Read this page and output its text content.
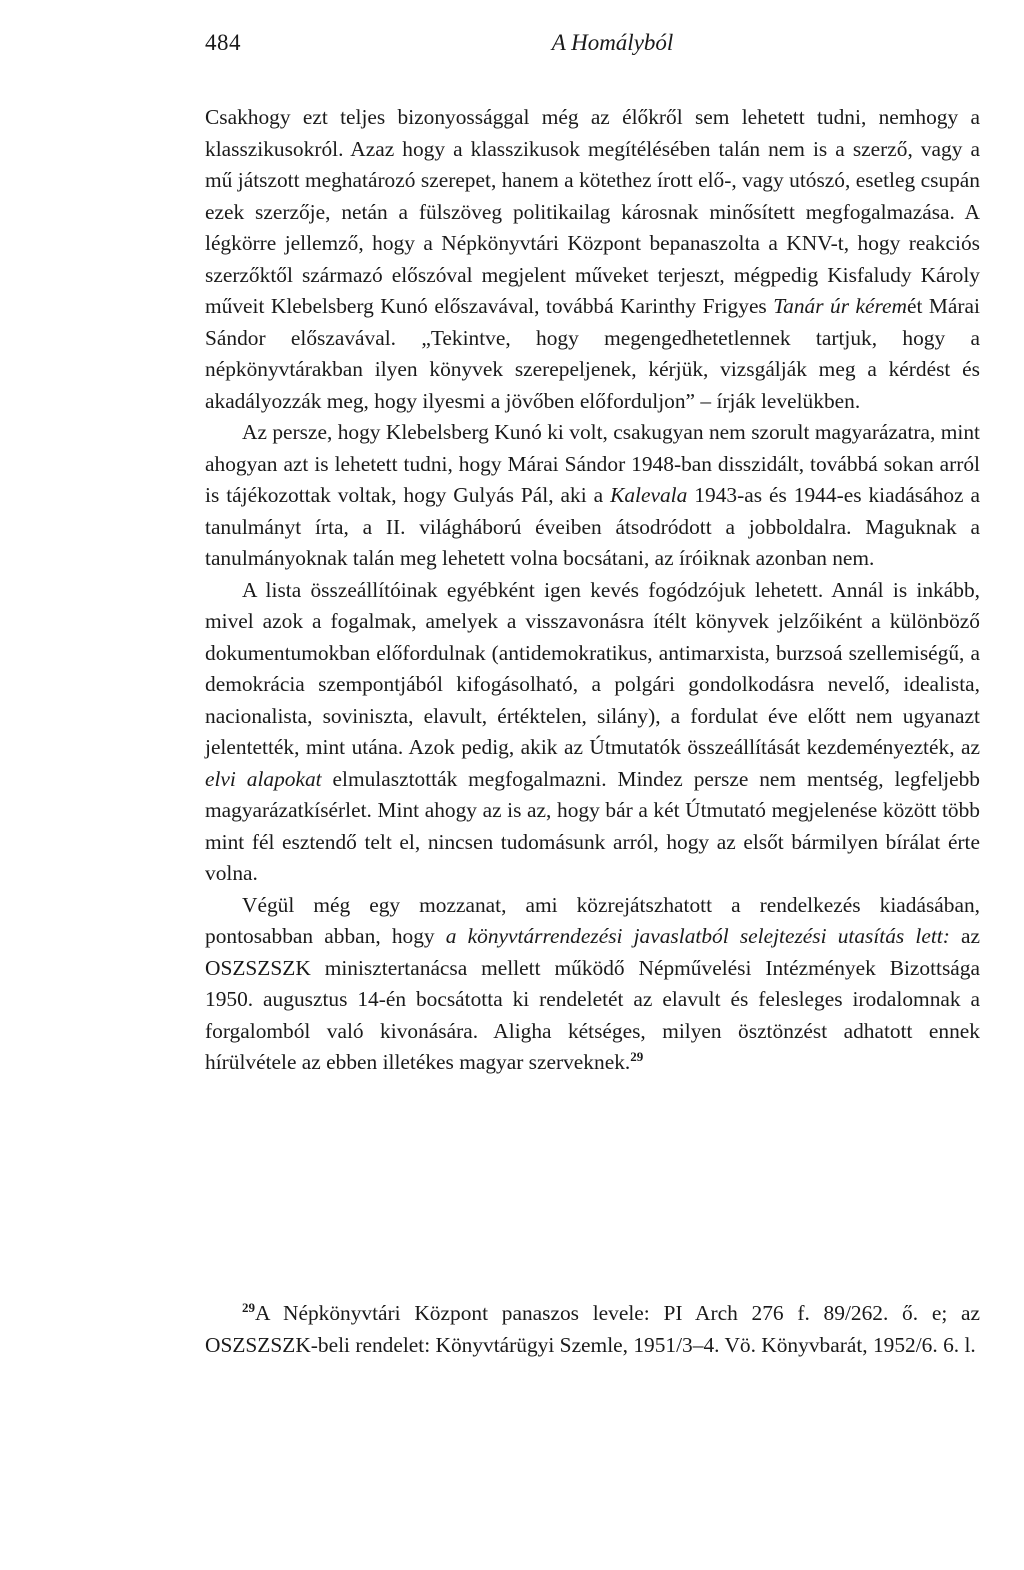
484	A Homályból

Csakhogy ezt teljes bizonyossággal még az élőkről sem lehetett tudni, nemhogy a klasszikusokról. Azaz hogy a klasszikusok megítélésében talán nem is a szerző, vagy a mű játszott meghatározó szerepet, hanem a kötethez írott elő-, vagy utószó, esetleg csupán ezek szerzője, netán a fülszöveg politikailag károsnak minősített megfogalmazása. A légkörre jellemző, hogy a Népkönyvtári Központ bepanaszolta a KNV-t, hogy reakciós szerzőktől származó előszóval megjelent műveket terjeszt, mégpedig Kisfaludy Károly műveit Klebelsberg Kunó előszavával, továbbá Karinthy Frigyes Tanár úr kéremét Márai Sándor előszavával. „Tekintve, hogy megengedhetetlennek tartjuk, hogy a népkönyvtárakban ilyen könyvek szerepeljenek, kérjük, vizsgálják meg a kérdést és akadályozzák meg, hogy ilyesmi a jövőben előforduljon” – írják levelükben.

Az persze, hogy Klebelsberg Kunó ki volt, csakugyan nem szorult magyarázatra, mint ahogyan azt is lehetett tudni, hogy Márai Sándor 1948-ban disszidált, továbbá sokan arról is tájékozottak voltak, hogy Gulyás Pál, aki a Kalevala 1943-as és 1944-es kiadásához a tanulmányt írta, a II. világháború éveiben átsodródott a jobboldalra. Maguknak a tanulmányoknak talán meg lehetett volna bocsátani, az íróiknak azonban nem.

A lista összeállítóinak egyébként igen kevés fogódzójuk lehetett. Annál is inkább, mivel azok a fogalmak, amelyek a visszavonásra ítélt könyvek jelzőiként a különböző dokumentumokban előfordulnak (antidemokratikus, antimarxista, burzsoá szellemiségű, a demokrácia szempontjából kifogásolható, a polgári gondolkodásra nevelő, idealista, nacionalista, soviniszta, elavult, értéktelen, silány), a fordulat éve előtt nem ugyanazt jelentették, mint utána. Azok pedig, akik az Útmutatók összeállítását kezdeményezték, az elvi alapokat elmulasztották megfogalmazni. Mindez persze nem mentség, legfeljebb magyarázatkísérlet. Mint ahogy az is az, hogy bár a két Útmutató megjelenése között több mint fél esztendő telt el, nincsen tudomásunk arról, hogy az elsőt bármilyen bírálat érte volna.

Végül még egy mozzanat, ami közrejátszhatott a rendelkezés kiadásában, pontosabban abban, hogy a könyvtárrendezési javaslatból selejtezési utasítás lett: az OSZSZSZK minisztertanácsa mellett működő Népművelési Intézmények Bizottsága 1950. augusztus 14-én bocsátotta ki rendeletét az elavult és felesleges irodalomnak a forgalomból való kivonására. Aligha kétséges, milyen ösztönzést adhatott ennek hírülvétele az ebben illetékes magyar szerveknek.$^{29}$

$^{29}$A Népkönyvtári Központ panaszos levele: PI Arch 276 f. 89/262. ő. e; az OSZSZSZK-beli rendelet: Könyvtárügyi Szemle, 1951/3–4. Vö. Könyvbarát, 1952/6. 6. l.
